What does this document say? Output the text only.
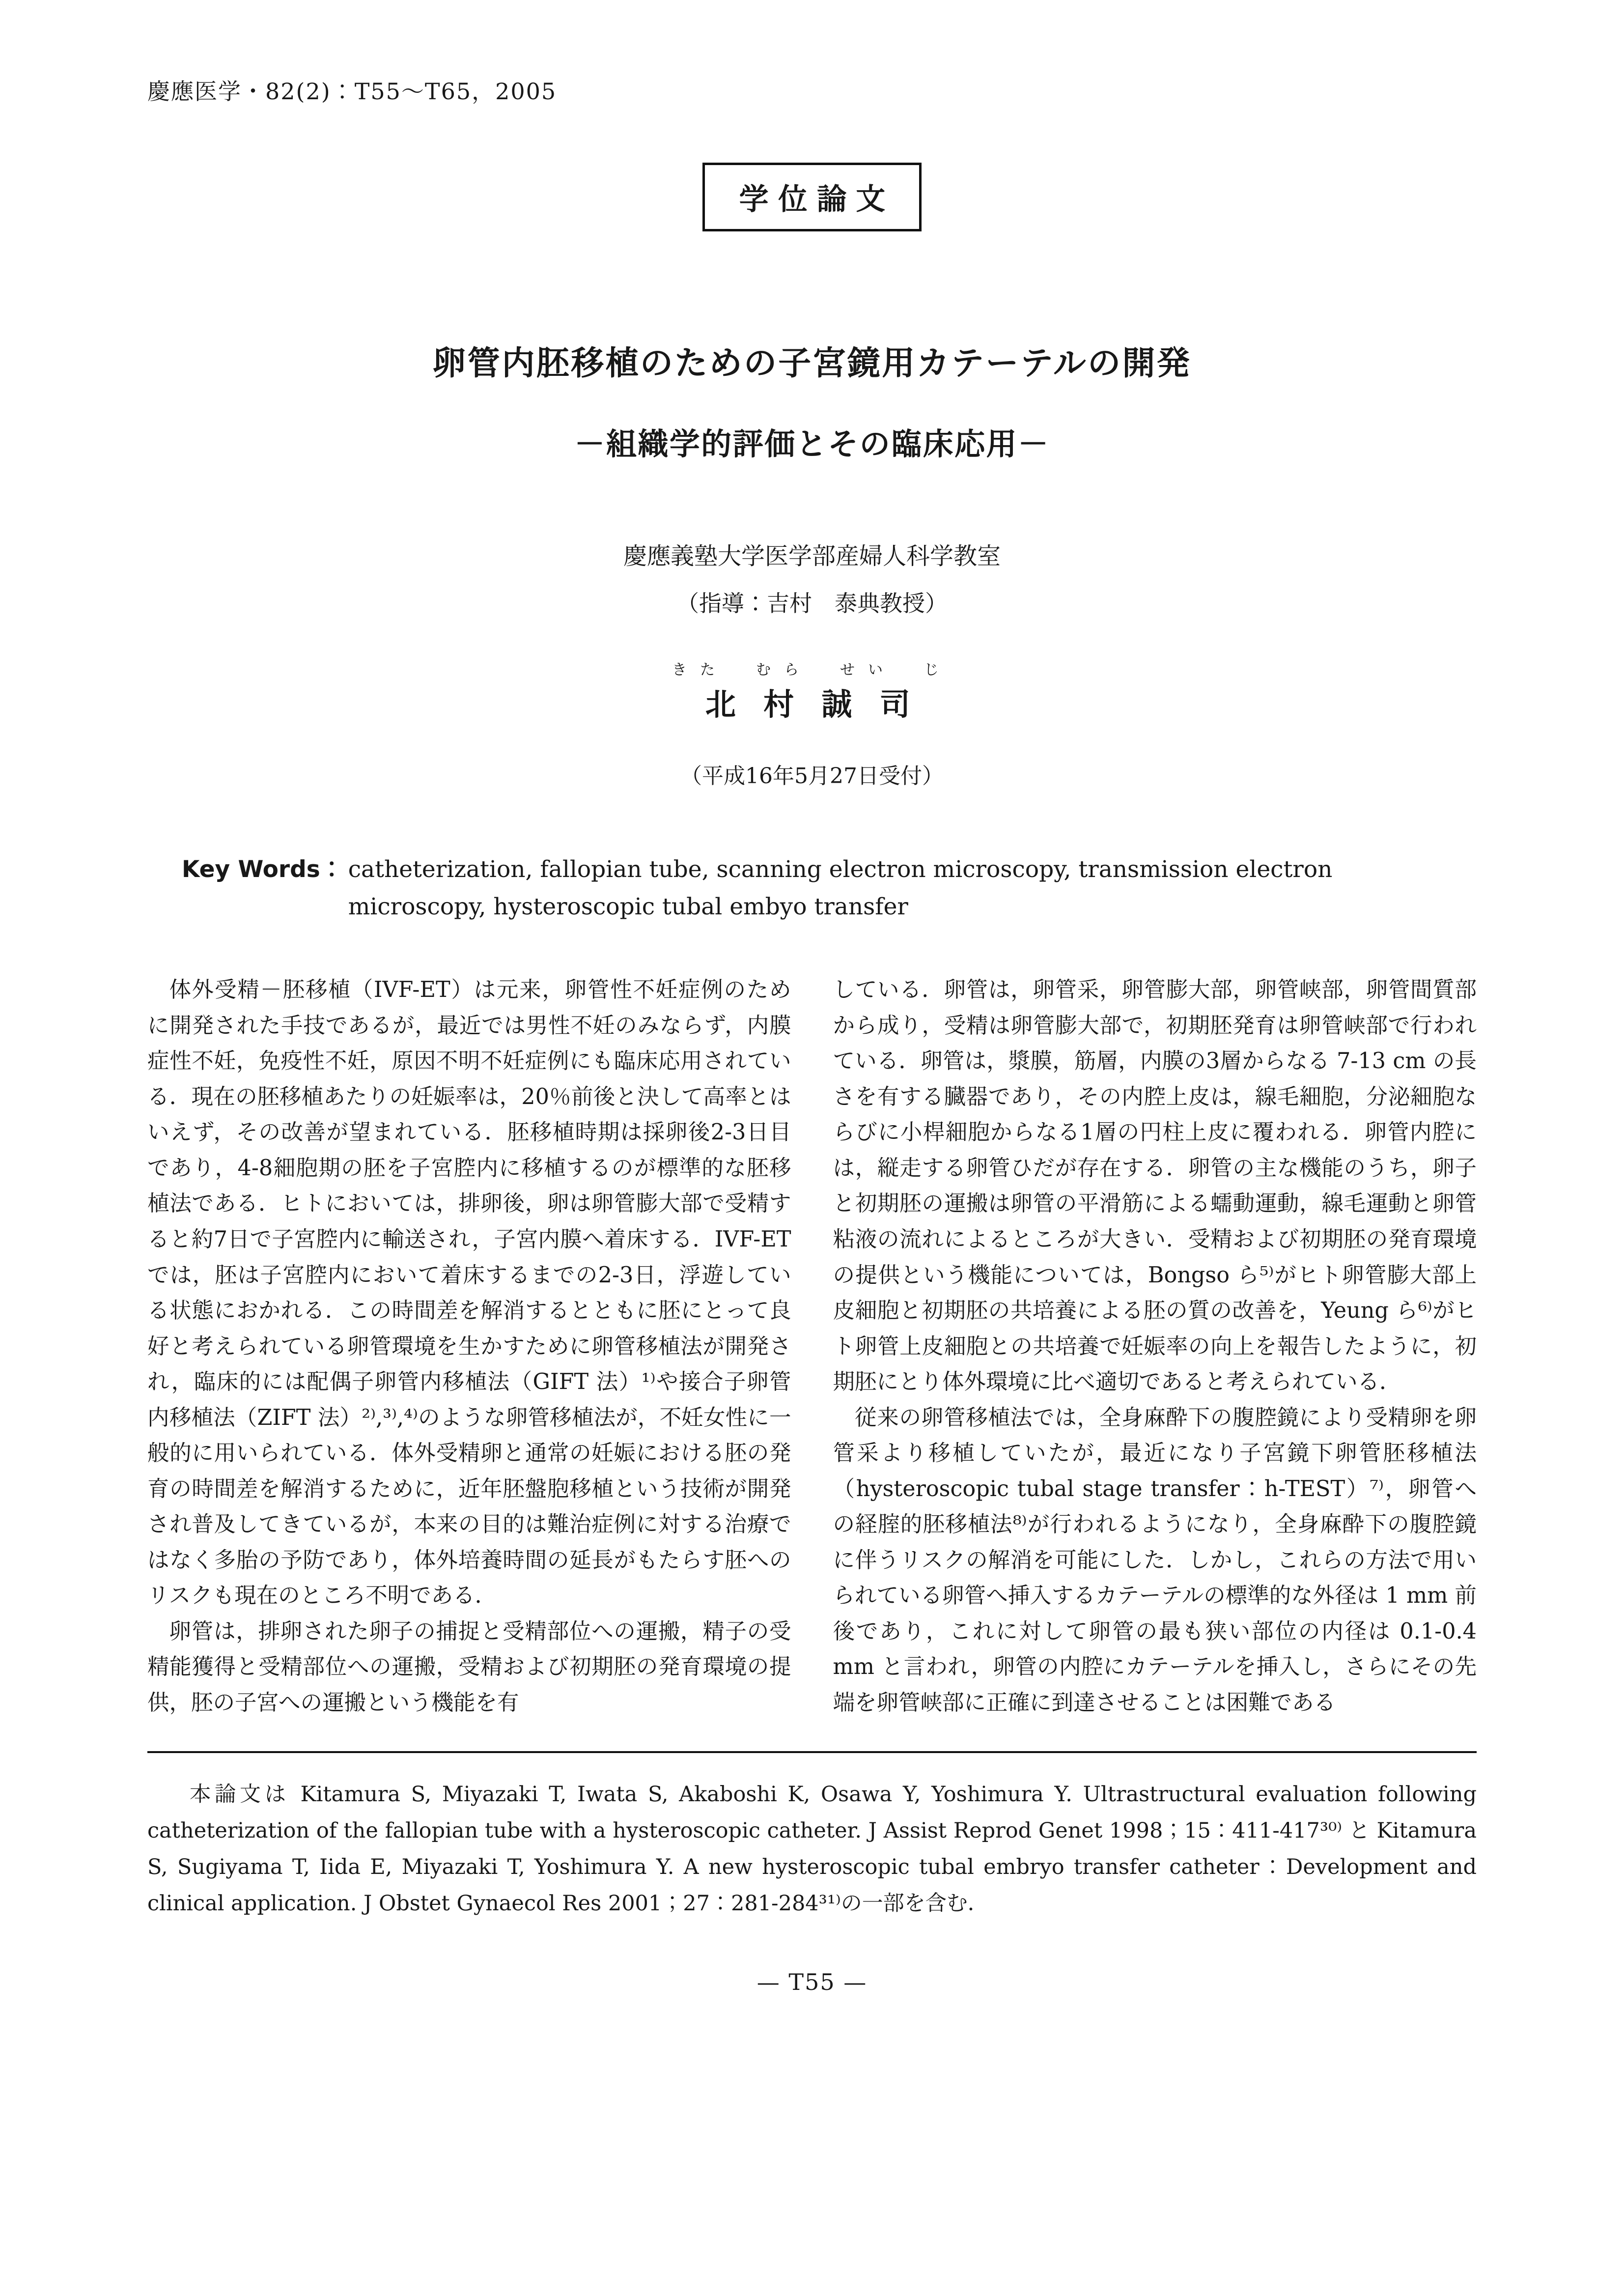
慶應医学・82(2)：T55〜T65，2005
学位論文
卵管内胚移植のための子宮鏡用カテーテルの開発
－組織学的評価とその臨床応用－
慶應義塾大学医学部産婦人科学教室
（指導：吉村　泰典教授）
きた　むら　せい　じ
北 村 誠 司
（平成16年5月27日受付）
Key Words： catheterization, fallopian tube, scanning electron microscopy, transmission electron microscopy, hysteroscopic tubal embyo transfer

体外受精－胚移植（IVF-ET）は元来，卵管性不妊症例のために開発された手技であるが，最近では男性不妊のみならず，内膜症性不妊，免疫性不妊，原因不明不妊症例にも臨床応用されている．現在の胚移植あたりの妊娠率は，20％前後と決して高率とはいえず，その改善が望まれている．胚移植時期は採卵後2-3日目であり，4-8細胞期の胚を子宮腔内に移植するのが標準的な胚移植法である．ヒトにおいては，排卵後，卵は卵管膨大部で受精すると約7日で子宮腔内に輸送され，子宮内膜へ着床する．IVF-ET では，胚は子宮腔内において着床するまでの2-3日，浮遊している状態におかれる．この時間差を解消するとともに胚にとって良好と考えられている卵管環境を生かすために卵管移植法が開発され，臨床的には配偶子卵管内移植法（GIFT 法）¹⁾や接合子卵管内移植法（ZIFT 法）²⁾,³⁾,⁴⁾のような卵管移植法が，不妊女性に一般的に用いられている．体外受精卵と通常の妊娠における胚の発育の時間差を解消するために，近年胚盤胞移植という技術が開発され普及してきているが，本来の目的は難治症例に対する治療ではなく多胎の予防であり，体外培養時間の延長がもたらす胚へのリスクも現在のところ不明である．

卵管は，排卵された卵子の捕捉と受精部位への運搬，精子の受精能獲得と受精部位への運搬，受精および初期胚の発育環境の提供，胚の子宮への運搬という機能を有

している．卵管は，卵管采，卵管膨大部，卵管峡部，卵管間質部から成り，受精は卵管膨大部で，初期胚発育は卵管峡部で行われている．卵管は，漿膜，筋層，内膜の3層からなる 7-13 cm の長さを有する臓器であり，その内腔上皮は，線毛細胞，分泌細胞ならびに小桿細胞からなる1層の円柱上皮に覆われる．卵管内腔には，縦走する卵管ひだが存在する．卵管の主な機能のうち，卵子と初期胚の運搬は卵管の平滑筋による蠕動運動，線毛運動と卵管粘液の流れによるところが大きい．受精および初期胚の発育環境の提供という機能については，Bongso ら⁵⁾がヒト卵管膨大部上皮細胞と初期胚の共培養による胚の質の改善を，Yeung ら⁶⁾がヒト卵管上皮細胞との共培養で妊娠率の向上を報告したように，初期胚にとり体外環境に比べ適切であると考えられている．

従来の卵管移植法では，全身麻酔下の腹腔鏡により受精卵を卵管采より移植していたが，最近になり子宮鏡下卵管胚移植法（hysteroscopic tubal stage transfer：h-TEST）⁷⁾，卵管への経腟的胚移植法⁸⁾が行われるようになり，全身麻酔下の腹腔鏡に伴うリスクの解消を可能にした．しかし，これらの方法で用いられている卵管へ挿入するカテーテルの標準的な外径は 1 mm 前後であり，これに対して卵管の最も狭い部位の内径は 0.1-0.4 mm と言われ，卵管の内腔にカテーテルを挿入し，さらにその先端を卵管峡部に正確に到達させることは困難である

本論文は Kitamura S, Miyazaki T, Iwata S, Akaboshi K, Osawa Y, Yoshimura Y. Ultrastructural evaluation following catheterization of the fallopian tube with a hysteroscopic catheter. J Assist Reprod Genet 1998；15：411-417³⁰⁾ と Kitamura S, Sugiyama T, Iida E, Miyazaki T, Yoshimura Y. A new hysteroscopic tubal embryo transfer catheter：Development and clinical application. J Obstet Gynaecol Res 2001；27：281-284³¹⁾の一部を含む．

— T55 —
